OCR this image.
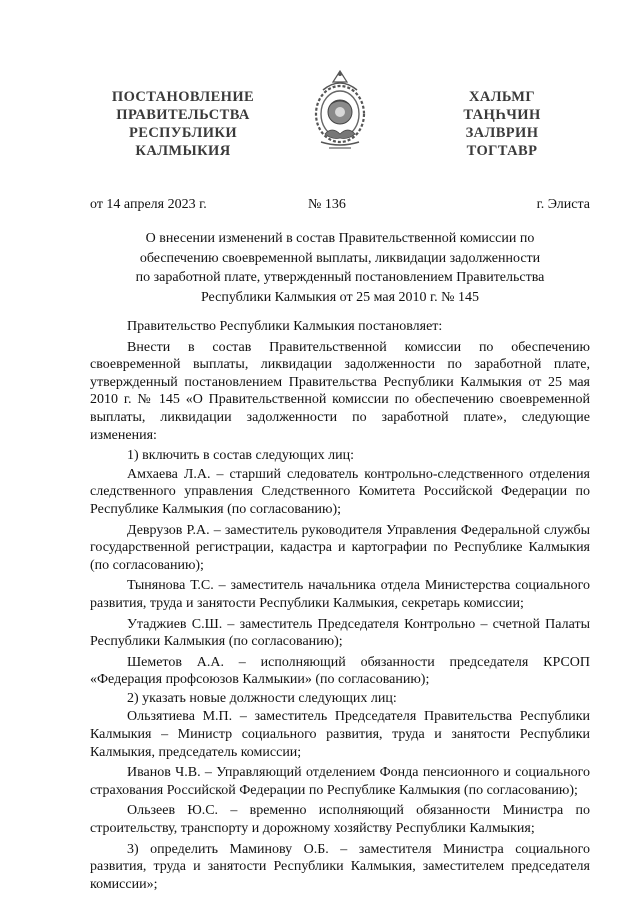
ПОСТАНОВЛЕНИЕ
ПРАВИТЕЛЬСТВА
РЕСПУБЛИКИ
КАЛМЫКИЯ
ХАЛЬМГ
ТАҢҺЧИН
ЗАЛВРИН
ТОГТАВР
от 14 апреля 2023 г.	№ 136	г. Элиста
О внесении изменений в состав Правительственной комиссии по
обеспечению своевременной выплаты, ликвидации задолженности
по заработной плате, утвержденный постановлением Правительства
Республики Калмыкия от 25 мая 2010 г. № 145

Правительство Республики Калмыкия постановляет:

Внести в состав Правительственной комиссии по обеспечению своевременной выплаты, ликвидации задолженности по заработной плате, утвержденный постановлением Правительства Республики Калмыкия от 25 мая 2010 г. № 145 «О Правительственной комиссии по обеспечению своевременной выплаты, ликвидации задолженности по заработной плате», следующие изменения:

1) включить в состав следующих лиц:

Амхаева Л.А. – старший следователь контрольно-следственного отделения следственного управления Следственного Комитета Российской Федерации по Республике Калмыкия (по согласованию);

Деврузов Р.А. – заместитель руководителя Управления Федеральной службы государственной регистрации, кадастра и картографии по Республике Калмыкия (по согласованию);

Тынянова Т.С. – заместитель начальника отдела Министерства социального развития, труда и занятости Республики Калмыкия, секретарь комиссии;

Утаджиев С.Ш. – заместитель Председателя Контрольно – счетной Палаты Республики Калмыкия (по согласованию);

Шеметов А.А. – исполняющий обязанности председателя КРСОП «Федерация профсоюзов Калмыкии» (по согласованию);

2) указать новые должности следующих лиц:

Ользятиева М.П. – заместитель Председателя Правительства Республики Калмыкия – Министр социального развития, труда и занятости Республики Калмыкия, председатель комиссии;

Иванов Ч.В. – Управляющий отделением Фонда пенсионного и социального страхования Российской Федерации по Республике Калмыкия (по согласованию);

Ользеев Ю.С. – временно исполняющий обязанности Министра по строительству, транспорту и дорожному хозяйству Республики Калмыкия;

3) определить Маминову О.Б. – заместителя Министра социального развития, труда и занятости Республики Калмыкия, заместителем председателя комиссии»;
